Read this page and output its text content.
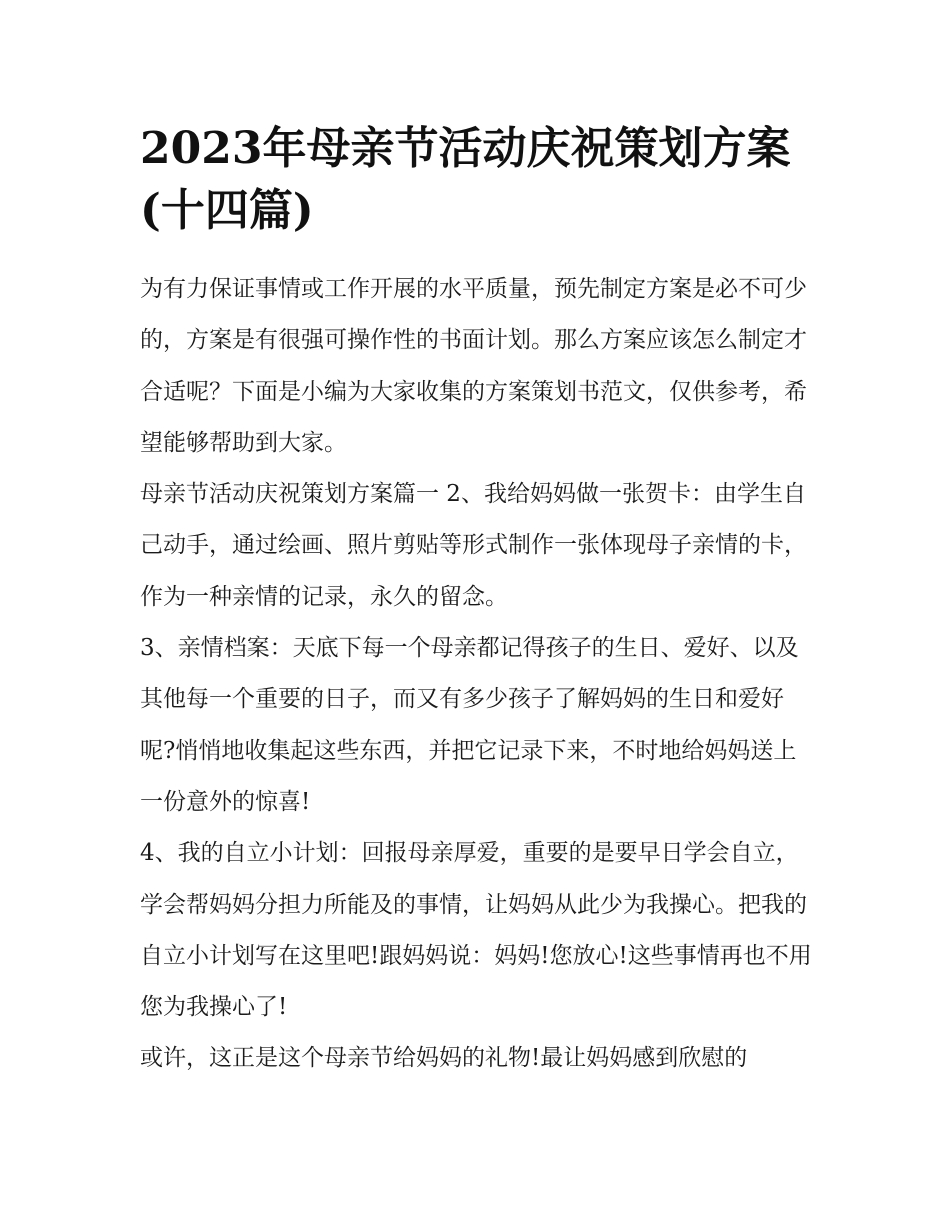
2023年母亲节活动庆祝策划方案(十四篇)

为有力保证事情或工作开展的水平质量，预先制定方案是必不可少的，方案是有很强可操作性的书面计划。那么方案应该怎么制定才合适呢？下面是小编为大家收集的方案策划书范文，仅供参考，希望能够帮助到大家。

母亲节活动庆祝策划方案篇一 2、我给妈妈做一张贺卡：由学生自己动手，通过绘画、照片剪贴等形式制作一张体现母子亲情的卡，作为一种亲情的记录，永久的留念。

3、亲情档案：天底下每一个母亲都记得孩子的生日、爱好、以及其他每一个重要的日子，而又有多少孩子了解妈妈的生日和爱好呢?悄悄地收集起这些东西，并把它记录下来，不时地给妈妈送上一份意外的惊喜!

4、我的自立小计划：回报母亲厚爱，重要的是要早日学会自立，学会帮妈妈分担力所能及的事情，让妈妈从此少为我操心。把我的自立小计划写在这里吧!跟妈妈说：妈妈!您放心!这些事情再也不用您为我操心了!

或许，这正是这个母亲节给妈妈的礼物!最让妈妈感到欣慰的
